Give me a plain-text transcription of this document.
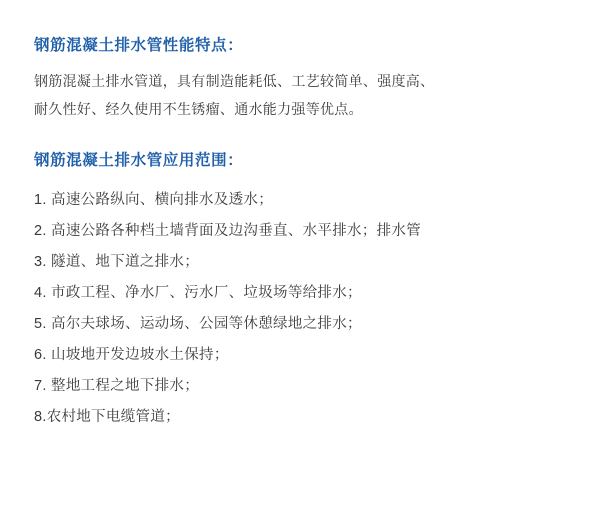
钢筋混凝土排水管性能特点：

钢筋混凝土排水管道，具有制造能耗低、工艺较简单、强度高、

耐久性好、经久使用不生锈瘤、通水能力强等优点。

钢筋混凝土排水管应用范围：
1. 高速公路纵向、横向排水及透水；
2. 高速公路各种档土墙背面及边沟垂直、水平排水；排水管
3. 隧道、地下道之排水；
4. 市政工程、净水厂、污水厂、垃圾场等给排水；
5. 高尔夫球场、运动场、公园等休憩绿地之排水；
6. 山坡地开发边坡水土保持；
7. 整地工程之地下排水；
8.农村地下电缆管道；
